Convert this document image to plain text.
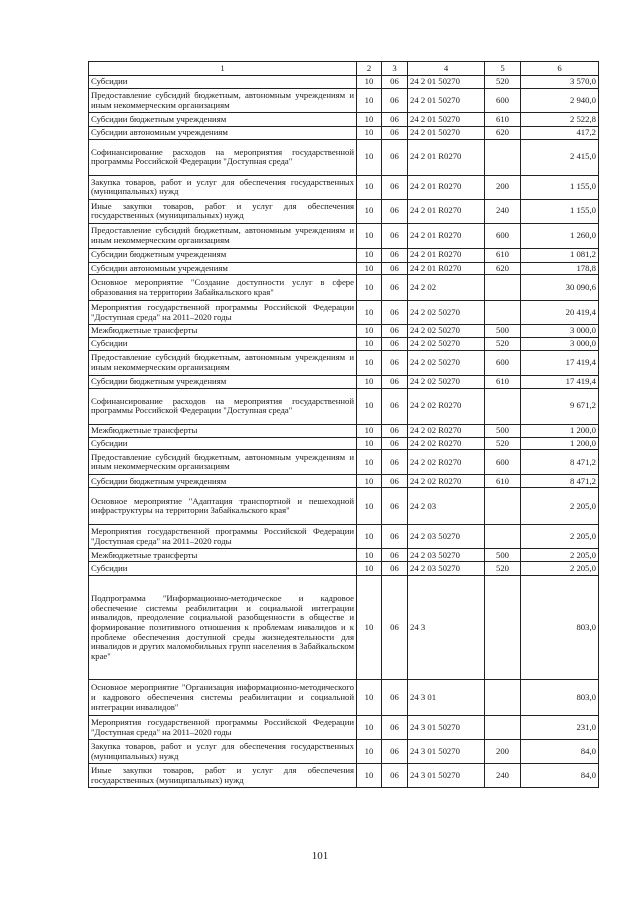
1	2	3	4	5	6
Субсидии	10	06	24 2 01 50270	520	3 570,0
Предоставление субсидий бюджетным, автономным учреждениям и иным некоммерческим организациям	10	06	24 2 01 50270	600	2 940,0
Субсидии бюджетным учреждениям	10	06	24 2 01 50270	610	2 522,8
Субсидии автономным учреждениям	10	06	24 2 01 50270	620	417,2
Софинансирование расходов на мероприятия государственной программы Российской Федерации "Доступная среда"	10	06	24 2 01 R0270		2 415,0
Закупка товаров, работ и услуг для обеспечения государственных (муниципальных) нужд	10	06	24 2 01 R0270	200	1 155,0
Иные закупки товаров, работ и услуг для обеспечения государственных (муниципальных) нужд	10	06	24 2 01 R0270	240	1 155,0
Предоставление субсидий бюджетным, автономным учреждениям и иным некоммерческим организациям	10	06	24 2 01 R0270	600	1 260,0
Субсидии бюджетным учреждениям	10	06	24 2 01 R0270	610	1 081,2
Субсидии автономным учреждениям	10	06	24 2 01 R0270	620	178,8
Основное мероприятие "Создание доступности услуг в сфере образования на территории Забайкальского края"	10	06	24 2 02		30 090,6
Мероприятия государственной программы Российской Федерации "Доступная среда" на 2011–2020 годы	10	06	24 2 02 50270		20 419,4
Межбюджетные трансферты	10	06	24 2 02 50270	500	3 000,0
Субсидии	10	06	24 2 02 50270	520	3 000,0
Предоставление субсидий бюджетным, автономным учреждениям и иным некоммерческим организациям	10	06	24 2 02 50270	600	17 419,4
Субсидии бюджетным учреждениям	10	06	24 2 02 50270	610	17 419,4
Софинансирование расходов на мероприятия государственной программы Российской Федерации "Доступная среда"	10	06	24 2 02 R0270		9 671,2
Межбюджетные трансферты	10	06	24 2 02 R0270	500	1 200,0
Субсидии	10	06	24 2 02 R0270	520	1 200,0
Предоставление субсидий бюджетным, автономным учреждениям и иным некоммерческим организациям	10	06	24 2 02 R0270	600	8 471,2
Субсидии бюджетным учреждениям	10	06	24 2 02 R0270	610	8 471,2
Основное мероприятие "Адаптация транспортной и пешеходной инфраструктуры на территории Забайкальского края"	10	06	24 2 03		2 205,0
Мероприятия государственной программы Российской Федерации "Доступная среда" на 2011–2020 годы	10	06	24 2 03 50270		2 205,0
Межбюджетные трансферты	10	06	24 2 03 50270	500	2 205,0
Субсидии	10	06	24 2 03 50270	520	2 205,0
Подпрограмма "Информационно-методическое и кадровое обеспечение системы реабилитации и социальной интеграции инвалидов, преодоление социальной разобщенности в обществе и формирование позитивного отношения к проблемам инвалидов и к проблеме обеспечения доступной среды жизнедеятельности для инвалидов и других маломобильных групп населения в Забайкальском крае"	10	06	24 3		803,0
Основное мероприятие "Организация информационно-методического и кадрового обеспечения системы реабилитации и социальной интеграции инвалидов"	10	06	24 3 01		803,0
Мероприятия государственной программы Российской Федерации "Доступная среда" на 2011–2020 годы	10	06	24 3 01 50270		231,0
Закупка товаров, работ и услуг для обеспечения государственных (муниципальных) нужд	10	06	24 3 01 50270	200	84,0
Иные закупки товаров, работ и услуг для обеспечения государственных (муниципальных) нужд	10	06	24 3 01 50270	240	84,0
101
